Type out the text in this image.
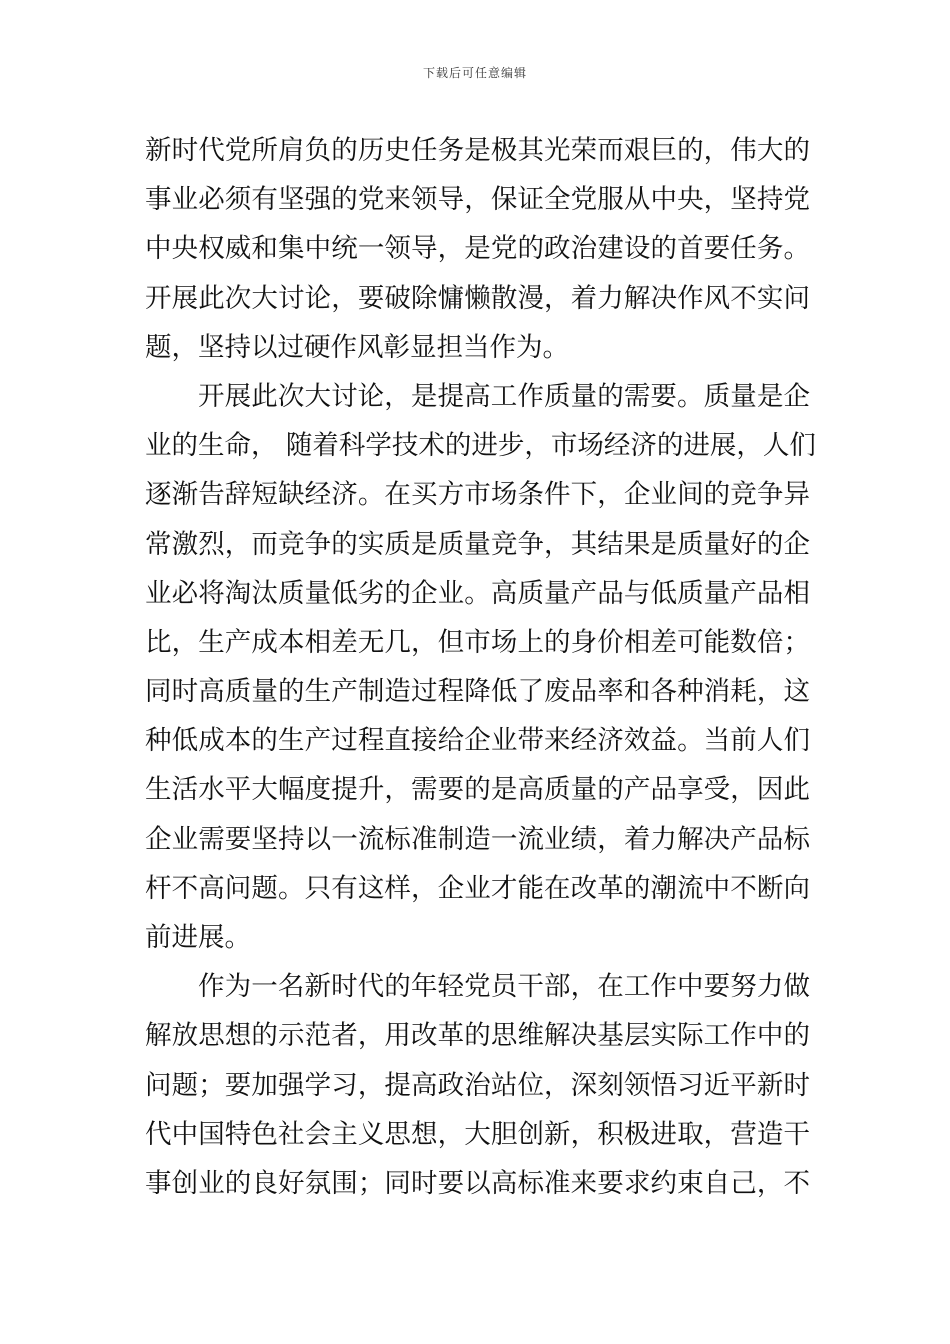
下载后可任意编辑
新时代党所肩负的历史任务是极其光荣而艰巨的，伟大的
事业必须有坚强的党来领导，保证全党服从中央，坚持党
中央权威和集中统一领导，是党的政治建设的首要任务。
开展此次大讨论，要破除慵懒散漫，着力解决作风不实问
题，坚持以过硬作风彰显担当作为。
开展此次大讨论，是提高工作质量的需要。质量是企
业的生命， 随着科学技术的进步，市场经济的进展，人们
逐渐告辞短缺经济。在买方市场条件下，企业间的竞争异
常激烈，而竞争的实质是质量竞争，其结果是质量好的企
业必将淘汰质量低劣的企业。高质量产品与低质量产品相
比，生产成本相差无几，但市场上的身价相差可能数倍；
同时高质量的生产制造过程降低了废品率和各种消耗，这
种低成本的生产过程直接给企业带来经济效益。当前人们
生活水平大幅度提升，需要的是高质量的产品享受，因此
企业需要坚持以一流标准制造一流业绩，着力解决产品标
杆不高问题。只有这样，企业才能在改革的潮流中不断向
前进展。
作为一名新时代的年轻党员干部，在工作中要努力做
解放思想的示范者，用改革的思维解决基层实际工作中的
问题；要加强学习，提高政治站位，深刻领悟习近平新时
代中国特色社会主义思想，大胆创新，积极进取，营造干
事创业的良好氛围；同时要以高标准来要求约束自己，不
